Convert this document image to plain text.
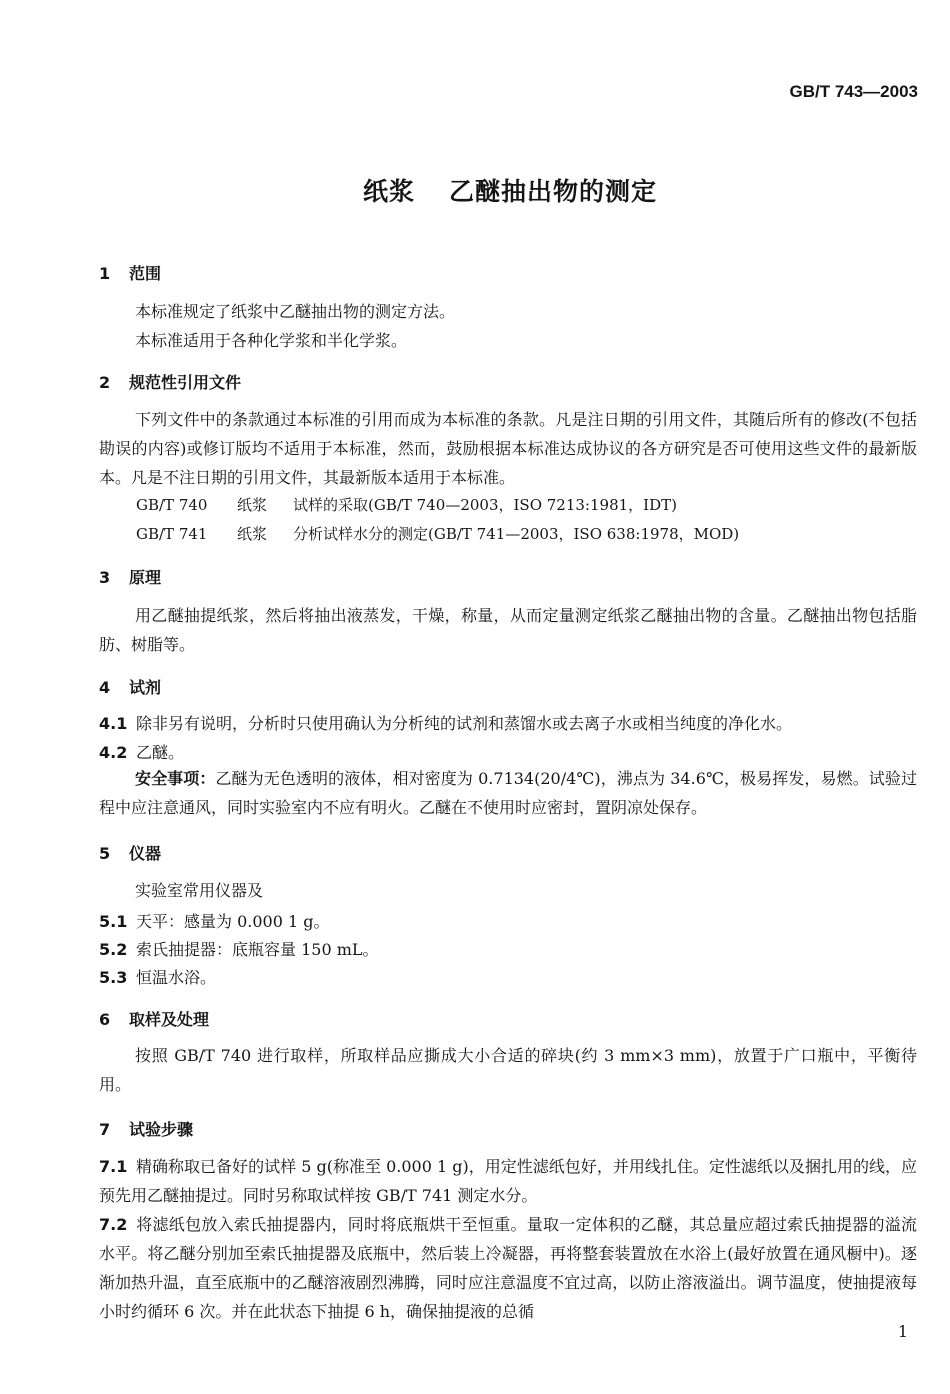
GB/T 743—2003
纸浆 乙醚抽出物的测定
1 范围
本标准规定了纸浆中乙醚抽出物的测定方法。
本标准适用于各种化学浆和半化学浆。
2 规范性引用文件
下列文件中的条款通过本标准的引用而成为本标准的条款。凡是注日期的引用文件，其随后所有的修改(不包括勘误的内容)或修订版均不适用于本标准，然而，鼓励根据本标准达成协议的各方研究是否可使用这些文件的最新版本。凡是不注日期的引用文件，其最新版本适用于本标准。
GB/T 740 纸浆 试样的采取(GB/T 740—2003，ISO 7213:1981，IDT)
GB/T 741 纸浆 分析试样水分的测定(GB/T 741—2003，ISO 638:1978，MOD)
3 原理
用乙醚抽提纸浆，然后将抽出液蒸发，干燥，称量，从而定量测定纸浆乙醚抽出物的含量。乙醚抽出物包括脂肪、树脂等。
4 试剂
4.1 除非另有说明，分析时只使用确认为分析纯的试剂和蒸馏水或去离子水或相当纯度的净化水。
4.2 乙醚。
安全事项：乙醚为无色透明的液体，相对密度为 0.7134(20/4℃)，沸点为 34.6℃，极易挥发，易燃。试验过程中应注意通风，同时实验室内不应有明火。乙醚在不使用时应密封，置阴凉处保存。
5 仪器
实验室常用仪器及
5.1 天平：感量为 0.000 1 g。
5.2 索氏抽提器：底瓶容量 150 mL。
5.3 恒温水浴。
6 取样及处理
按照 GB/T 740 进行取样，所取样品应撕成大小合适的碎块(约 3 mm×3 mm)，放置于广口瓶中，平衡待用。
7 试验步骤
7.1 精确称取已备好的试样 5 g(称准至 0.000 1 g)，用定性滤纸包好，并用线扎住。定性滤纸以及捆扎用的线，应预先用乙醚抽提过。同时另称取试样按 GB/T 741 测定水分。
7.2 将滤纸包放入索氏抽提器内，同时将底瓶烘干至恒重。量取一定体积的乙醚，其总量应超过索氏抽提器的溢流水平。将乙醚分别加至索氏抽提器及底瓶中，然后装上冷凝器，再将整套装置放在水浴上(最好放置在通风橱中)。逐渐加热升温，直至底瓶中的乙醚溶液剧烈沸腾，同时应注意温度不宜过高，以防止溶液溢出。调节温度，使抽提液每小时约循环 6 次。并在此状态下抽提 6 h，确保抽提液的总循
1
